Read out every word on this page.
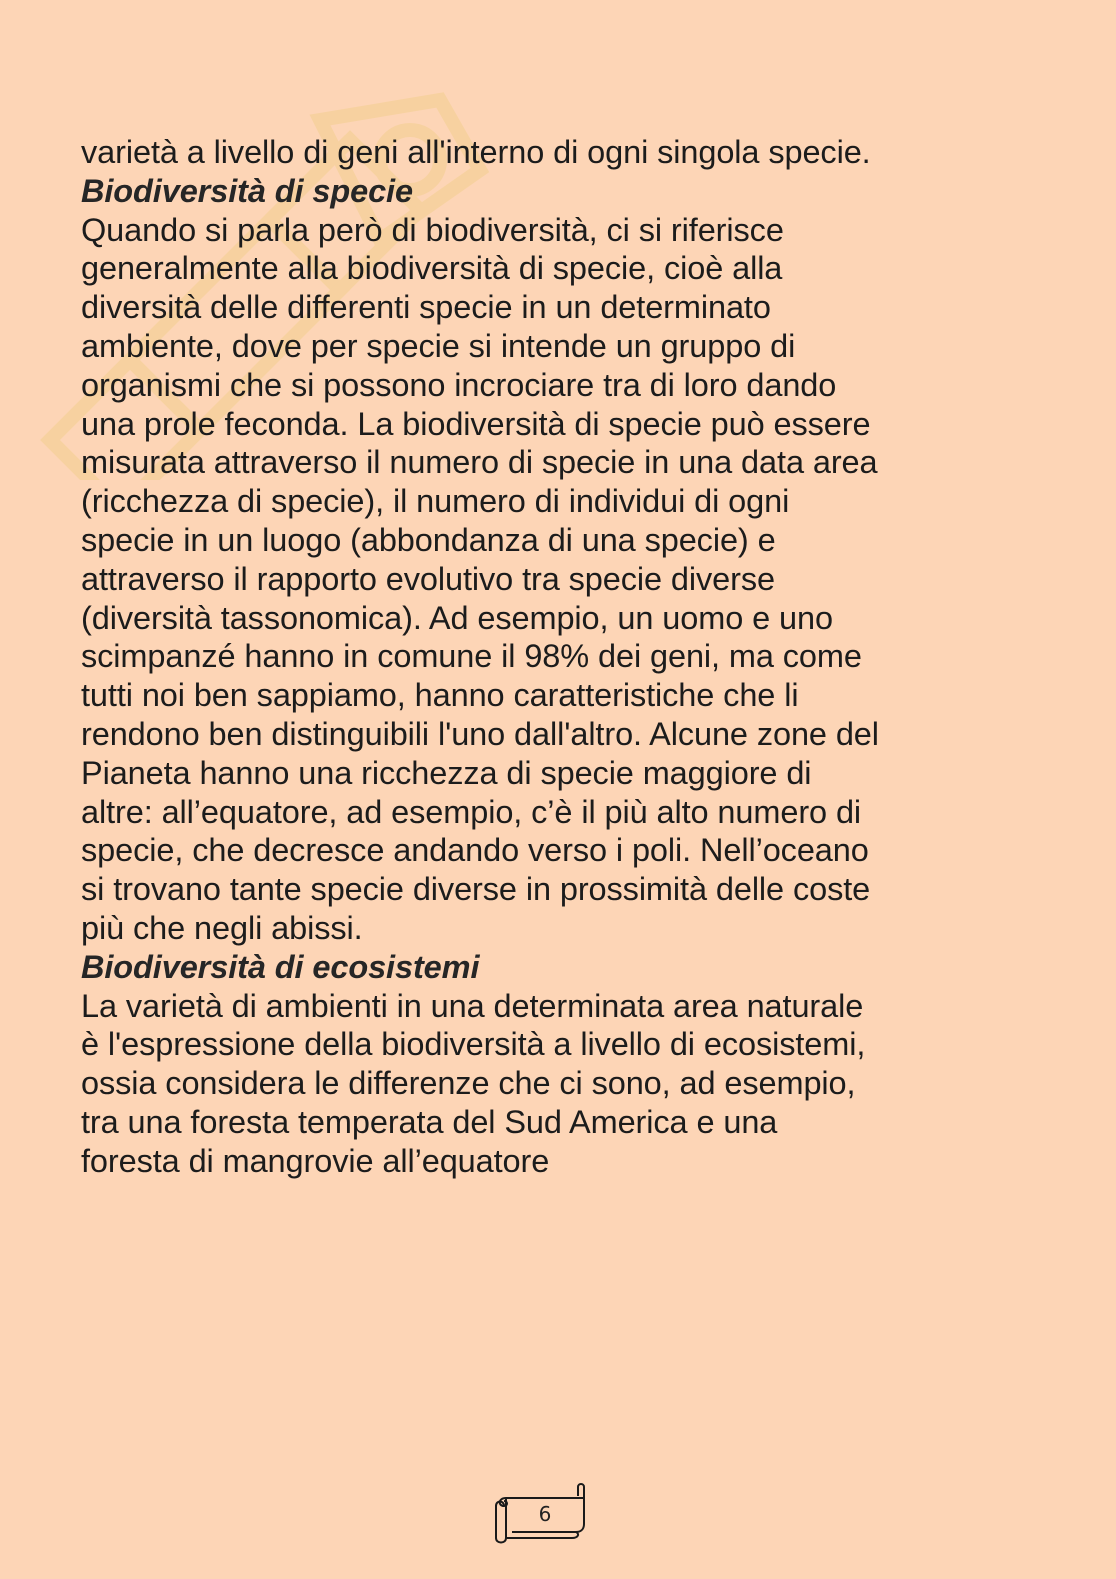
varietà a livello di geni all'interno di ogni singola specie.
Biodiversità di specie
Quando si parla però di biodiversità, ci si riferisce
generalmente alla biodiversità di specie, cioè alla
diversità delle differenti specie in un determinato
ambiente, dove per specie si intende un gruppo di
organismi che si possono incrociare tra di loro dando
una prole feconda. La biodiversità di specie può essere
misurata attraverso il numero di specie in una data area
(ricchezza di specie), il numero di individui di ogni
specie in un luogo (abbondanza di una specie) e
attraverso il rapporto evolutivo tra specie diverse
(diversità tassonomica). Ad esempio, un uomo e uno
scimpanzé hanno in comune il 98% dei geni, ma come
tutti noi ben sappiamo, hanno caratteristiche che li
rendono ben distinguibili l'uno dall'altro. Alcune zone del
Pianeta hanno una ricchezza di specie maggiore di
altre: all’equatore, ad esempio, c’è il più alto numero di
specie, che decresce andando verso i poli. Nell’oceano
si trovano tante specie diverse in prossimità delle coste
più che negli abissi.
Biodiversità di ecosistemi
La varietà di ambienti in una determinata area naturale
è l'espressione della biodiversità a livello di ecosistemi,
ossia considera le differenze che ci sono, ad esempio,
tra una foresta temperata del Sud America e una
foresta di mangrovie all’equatore
6
